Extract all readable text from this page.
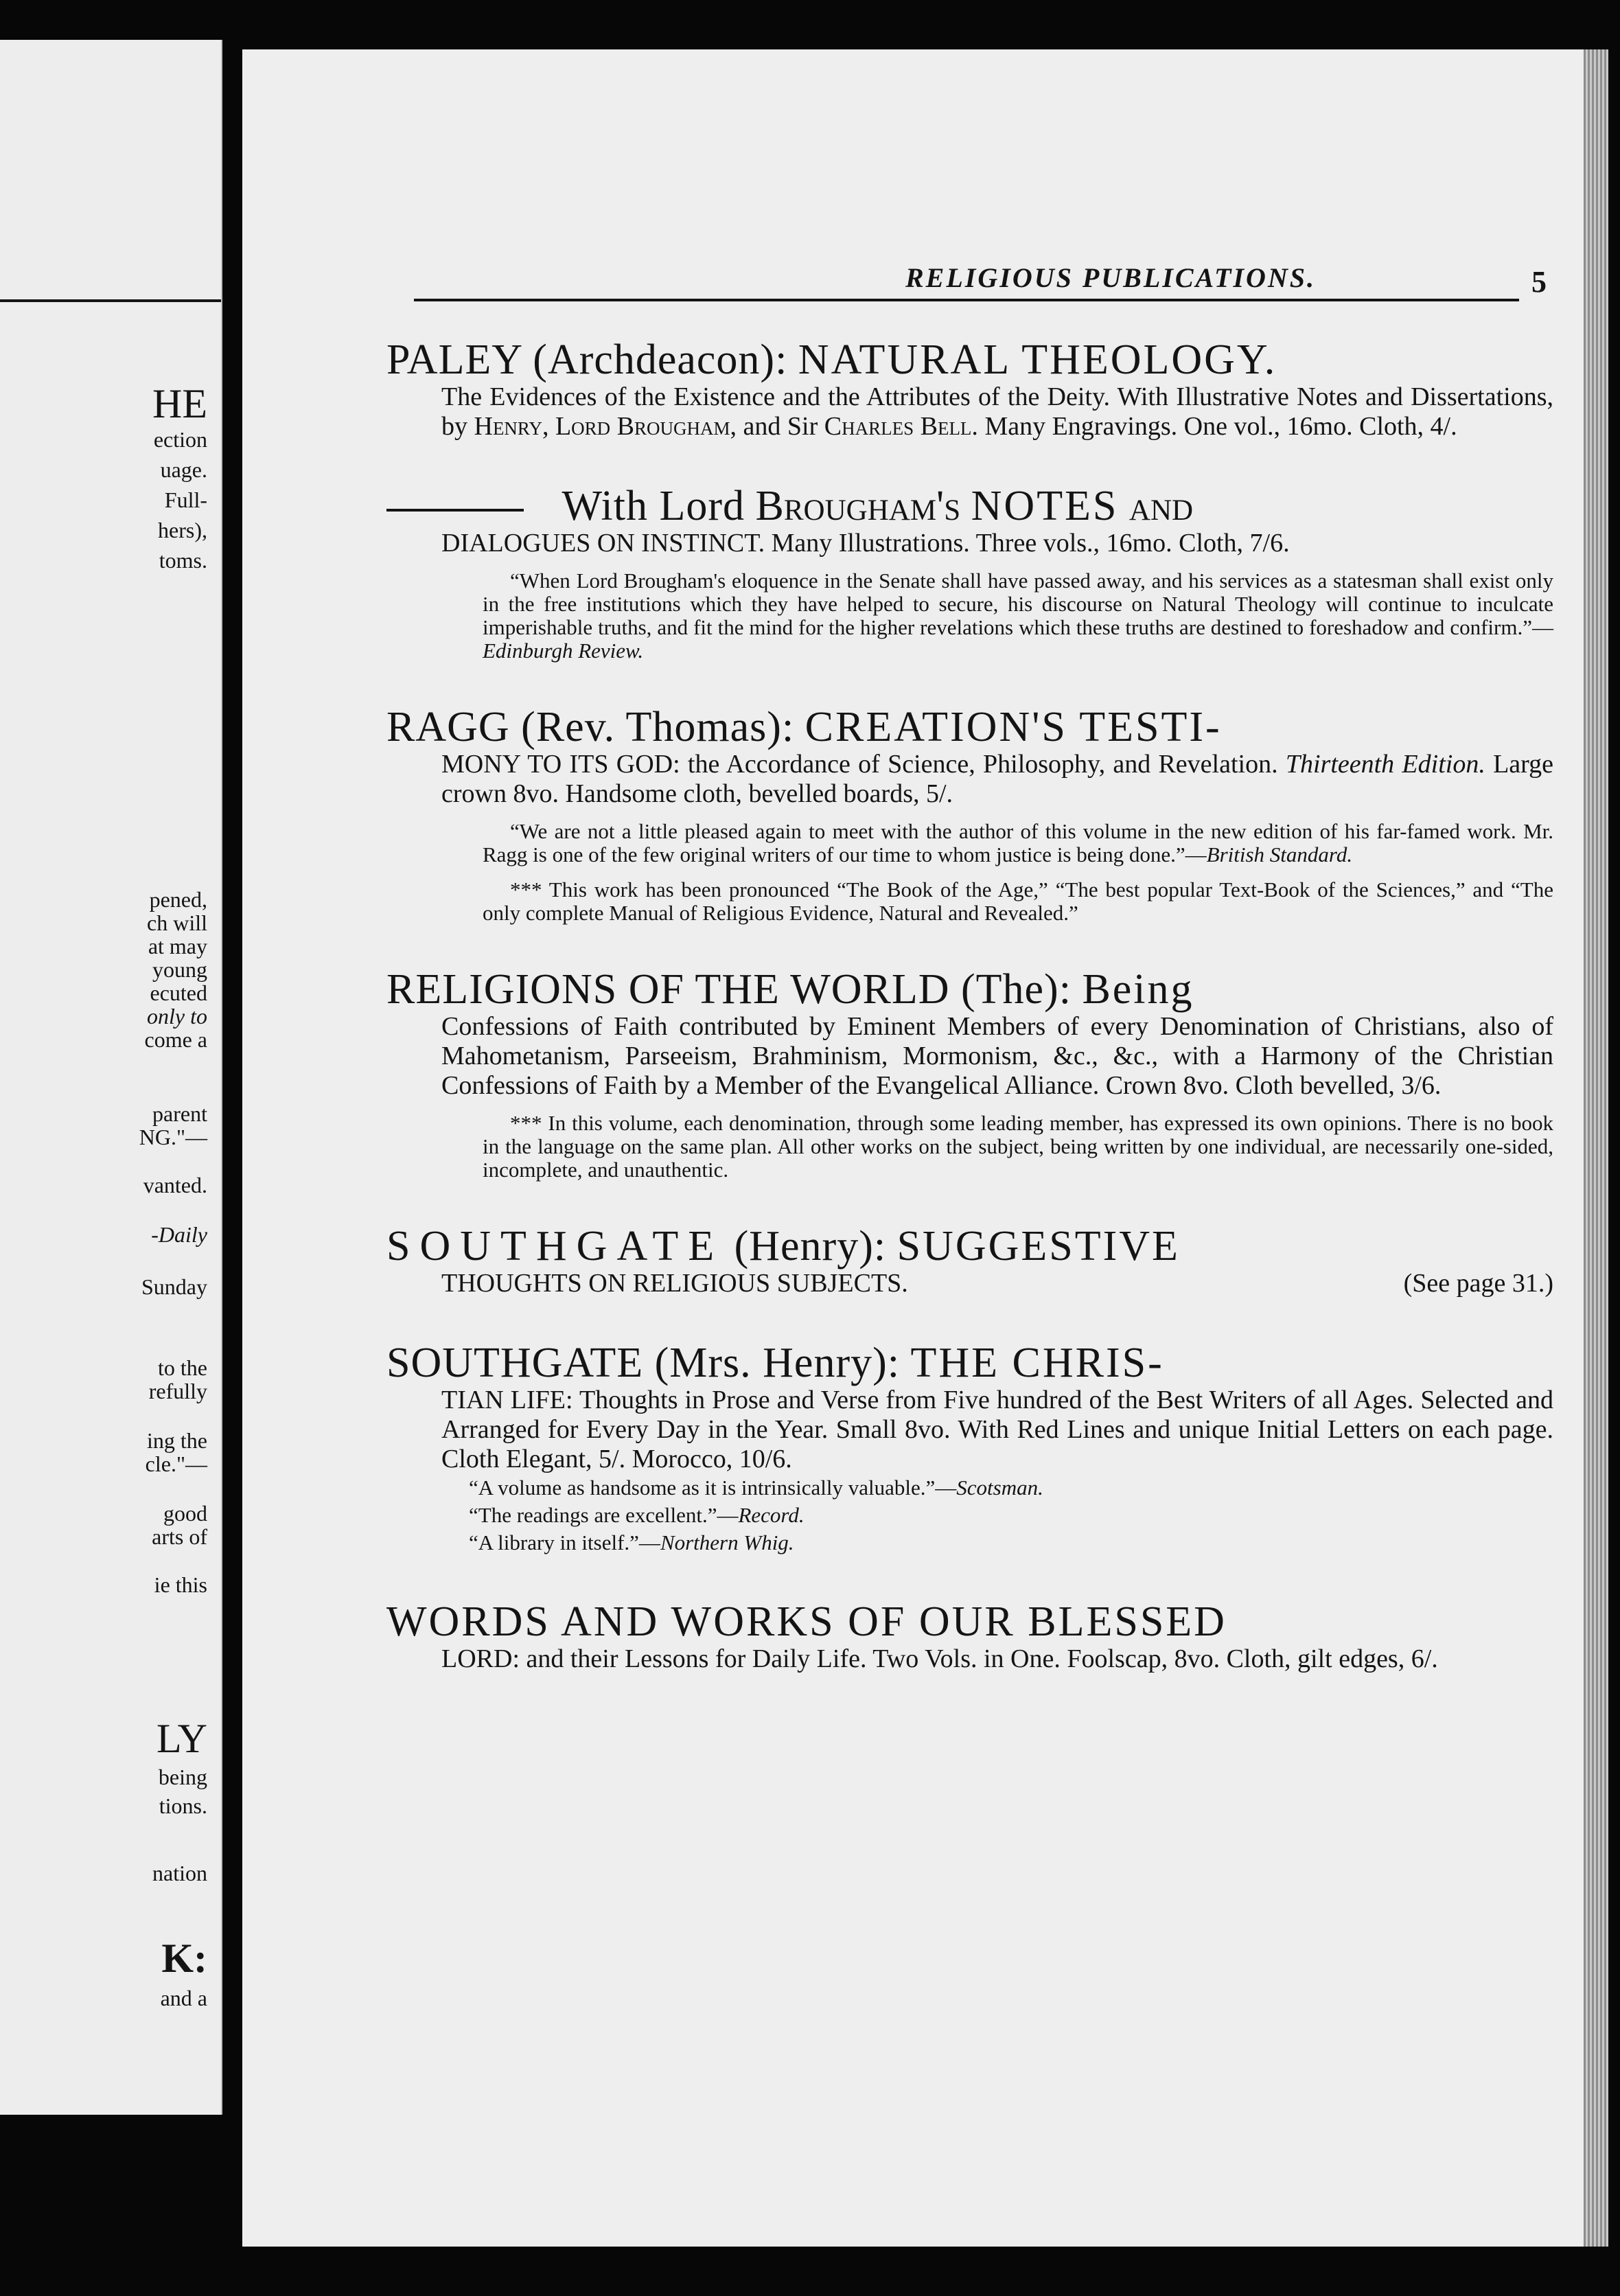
HE
ection
uage.
Full-
hers),
toms.
pened,
ch will
at may
young
ecuted
only to
come a
parent
NG."—
vanted.
-Daily
Sunday
to the
refully
ing the
cle."—
good
arts of
ie this
LY
being
tions.
nation
K:
and a
RELIGIOUS PUBLICATIONS.	5
PALEY (Archdeacon): NATURAL THEOLOGY.
The Evidences of the Existence and the Attributes of the Deity. With Illustrative Notes and Dissertations, by Henry, Lord Brougham, and Sir Charles Bell. Many Engravings. One vol., 16mo. Cloth, 4/.
With Lord Brougham's NOTES and
DIALOGUES ON INSTINCT. Many Illustrations. Three vols., 16mo. Cloth, 7/6.
“When Lord Brougham's eloquence in the Senate shall have passed away, and his services as a statesman shall exist only in the free institutions which they have helped to secure, his discourse on Natural Theology will continue to inculcate imperishable truths, and fit the mind for the higher revelations which these truths are destined to foreshadow and confirm.”—Edinburgh Review.
RAGG (Rev. Thomas): CREATION'S TESTI-
MONY TO ITS GOD: the Accordance of Science, Philosophy, and Revelation. Thirteenth Edition. Large crown 8vo. Handsome cloth, bevelled boards, 5/.
“We are not a little pleased again to meet with the author of this volume in the new edition of his far-famed work. Mr. Ragg is one of the few original writers of our time to whom justice is being done.”—British Standard.
*** This work has been pronounced “The Book of the Age,” “The best popular Text-Book of the Sciences,” and “The only complete Manual of Religious Evidence, Natural and Revealed.”
RELIGIONS OF THE WORLD (The): Being
Confessions of Faith contributed by Eminent Members of every Denomination of Christians, also of Mahometanism, Parseeism, Brahminism, Mormonism, &c., &c., with a Harmony of the Christian Confessions of Faith by a Member of the Evangelical Alliance. Crown 8vo. Cloth bevelled, 3/6.
*** In this volume, each denomination, through some leading member, has expressed its own opinions. There is no book in the language on the same plan. All other works on the subject, being written by one individual, are necessarily one-sided, incomplete, and unauthentic.
SOUTHGATE (Henry): SUGGESTIVE
THOUGHTS ON RELIGIOUS SUBJECTS.	(See page 31.)
SOUTHGATE (Mrs. Henry): THE CHRIS-
TIAN LIFE: Thoughts in Prose and Verse from Five hundred of the Best Writers of all Ages. Selected and Arranged for Every Day in the Year. Small 8vo. With Red Lines and unique Initial Letters on each page. Cloth Elegant, 5/. Morocco, 10/6.
“A volume as handsome as it is intrinsically valuable.”—Scotsman.
“The readings are excellent.”—Record.
“A library in itself.”—Northern Whig.
WORDS AND WORKS OF OUR BLESSED
LORD: and their Lessons for Daily Life. Two Vols. in One. Foolscap, 8vo. Cloth, gilt edges, 6/.
